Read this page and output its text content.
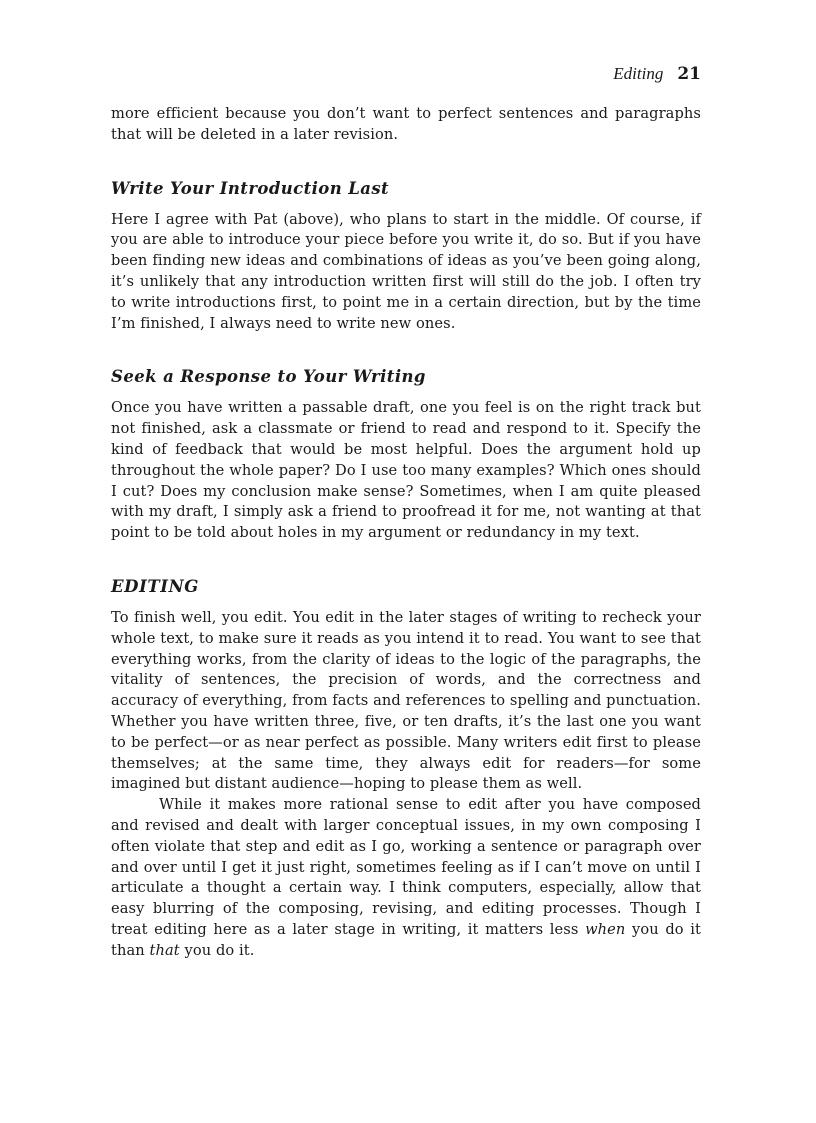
Editing 21

more efficient because you don’t want to perfect sentences and paragraphs that will be deleted in a later revision.

Write Your Introduction Last

Here I agree with Pat (above), who plans to start in the middle. Of course, if you are able to introduce your piece before you write it, do so. But if you have been finding new ideas and combinations of ideas as you’ve been going along, it’s unlikely that any introduction written first will still do the job. I often try to write introductions first, to point me in a certain direction, but by the time I’m finished, I always need to write new ones.

Seek a Response to Your Writing

Once you have written a passable draft, one you feel is on the right track but not finished, ask a classmate or friend to read and respond to it. Specify the kind of feedback that would be most helpful. Does the argument hold up throughout the whole paper? Do I use too many examples? Which ones should I cut? Does my conclusion make sense? Sometimes, when I am quite pleased with my draft, I simply ask a friend to proofread it for me, not wanting at that point to be told about holes in my argument or redundancy in my text.

EDITING

To finish well, you edit. You edit in the later stages of writing to recheck your whole text, to make sure it reads as you intend it to read. You want to see that everything works, from the clarity of ideas to the logic of the paragraphs, the vitality of sentences, the precision of words, and the correctness and accuracy of everything, from facts and references to spelling and punctuation. Whether you have written three, five, or ten drafts, it’s the last one you want to be perfect—or as near perfect as possible. Many writers edit first to please themselves; at the same time, they always edit for readers—for some imagined but distant audience—hoping to please them as well.

While it makes more rational sense to edit after you have composed and revised and dealt with larger conceptual issues, in my own composing I often violate that step and edit as I go, working a sentence or paragraph over and over until I get it just right, sometimes feeling as if I can’t move on until I articulate a thought a certain way. I think computers, especially, allow that easy blurring of the composing, revising, and editing processes. Though I treat editing here as a later stage in writing, it matters less when you do it than that you do it.
